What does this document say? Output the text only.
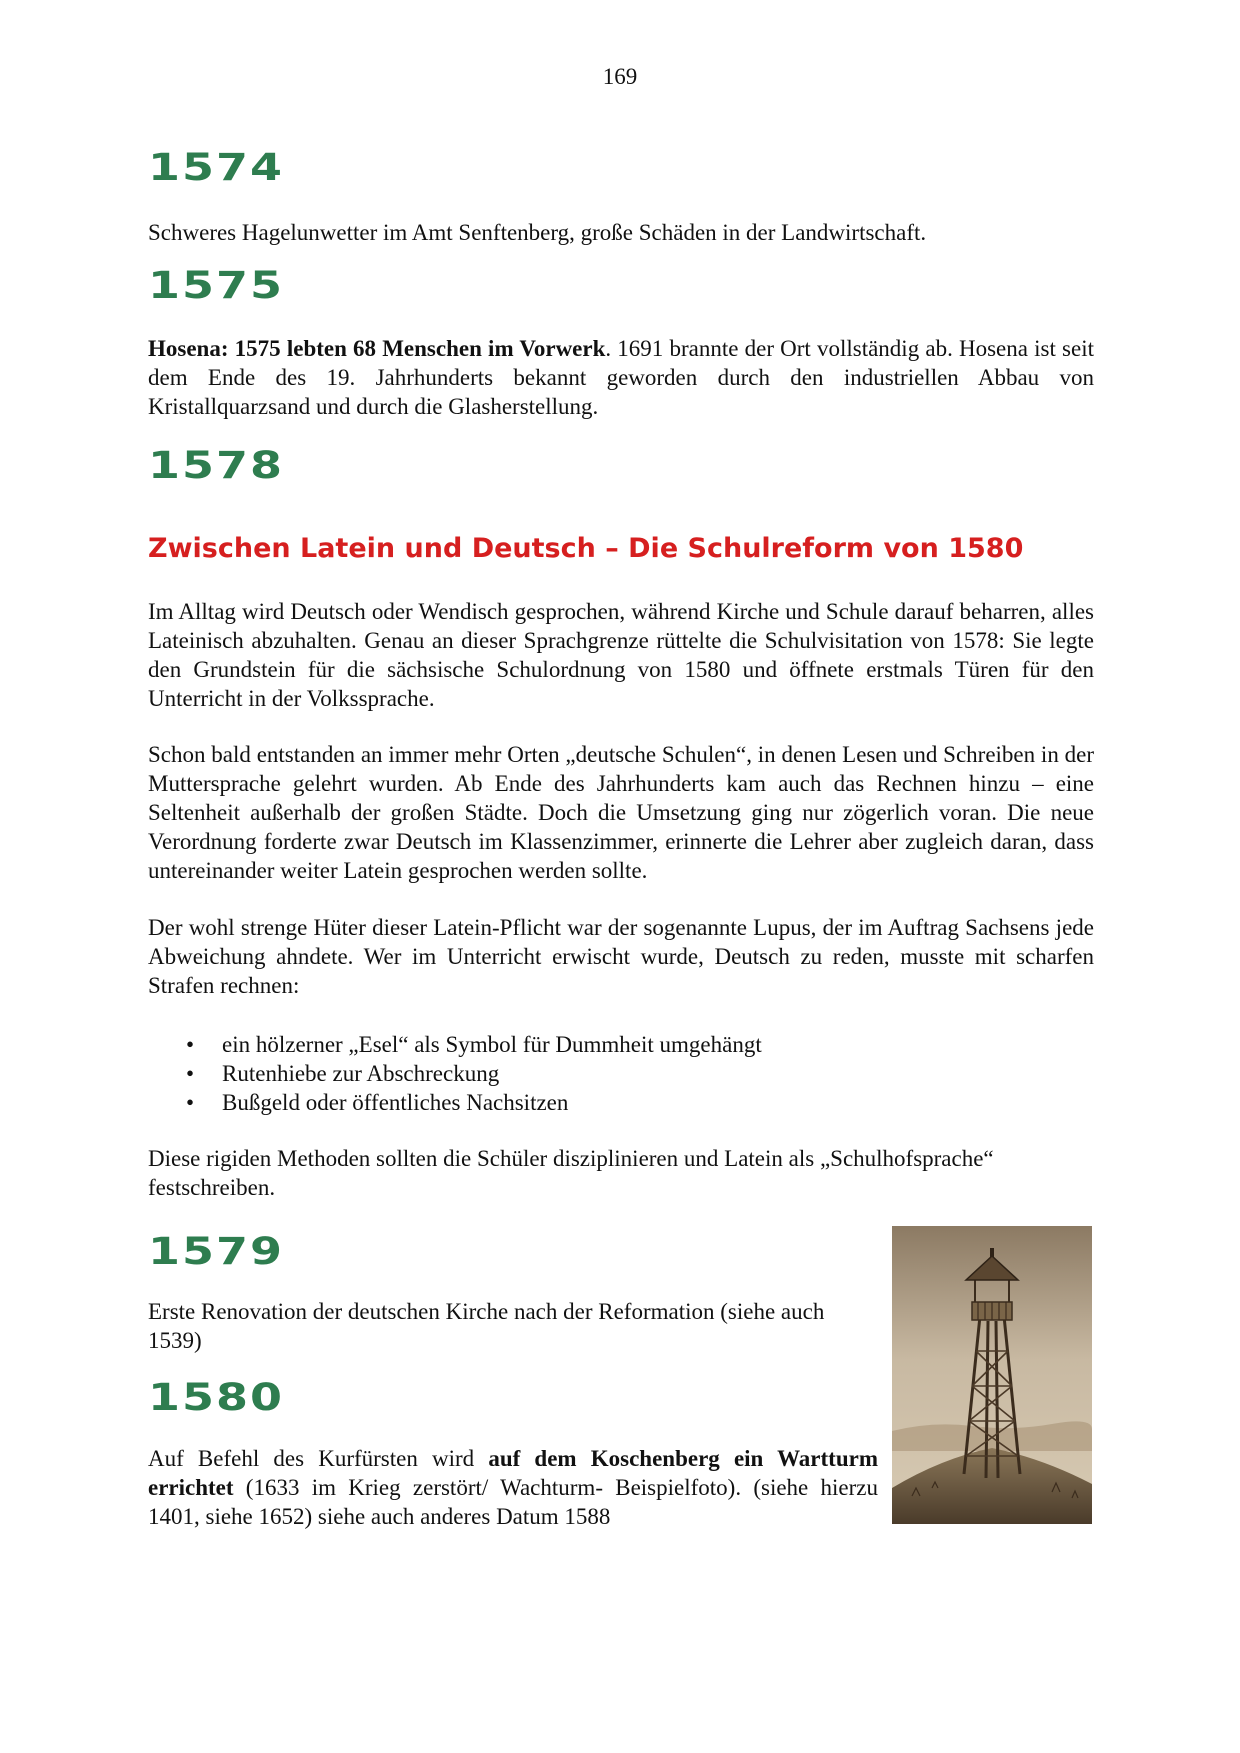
169
1574

Schweres Hagelunwetter im Amt Senftenberg, große Schäden in der Landwirtschaft.

1575

Hosena: 1575 lebten 68 Menschen im Vorwerk. 1691 brannte der Ort vollständig ab. Hosena ist seit dem Ende des 19. Jahrhunderts bekannt geworden durch den industriellen Abbau von Kristallquarzsand und durch die Glasherstellung.

1578
Zwischen Latein und Deutsch – Die Schulreform von 1580

Im Alltag wird Deutsch oder Wendisch gesprochen, während Kirche und Schule darauf beharren, alles Lateinisch abzuhalten. Genau an dieser Sprachgrenze rüttelte die Schulvisitation von 1578: Sie legte den Grundstein für die sächsische Schulordnung von 1580 und öffnete erstmals Türen für den Unterricht in der Volkssprache.

Schon bald entstanden an immer mehr Orten „deutsche Schulen“, in denen Lesen und Schreiben in der Muttersprache gelehrt wurden. Ab Ende des Jahrhunderts kam auch das Rechnen hinzu – eine Seltenheit außerhalb der großen Städte. Doch die Umsetzung ging nur zögerlich voran. Die neue Verordnung forderte zwar Deutsch im Klassenzimmer, erinnerte die Lehrer aber zugleich daran, dass untereinander weiter Latein gesprochen werden sollte.

Der wohl strenge Hüter dieser Latein-Pflicht war der sogenannte Lupus, der im Auftrag Sachsens jede Abweichung ahndete. Wer im Unterricht erwischt wurde, Deutsch zu reden, musste mit scharfen Strafen rechnen:

• ein hölzerner „Esel“ als Symbol für Dummheit umgehängt
• Rutenhiebe zur Abschreckung
• Bußgeld oder öffentliches Nachsitzen

Diese rigiden Methoden sollten die Schüler disziplinieren und Latein als „Schulhofsprache“ festschreiben.

1579

Erste Renovation der deutschen Kirche nach der Reformation (siehe auch 1539)

1580

Auf Befehl des Kurfürsten wird auf dem Koschenberg ein Wartturm errichtet (1633 im Krieg zerstört/ Wachturm- Beispielfoto). (siehe hierzu 1401, siehe 1652) siehe auch anderes Datum 1588
